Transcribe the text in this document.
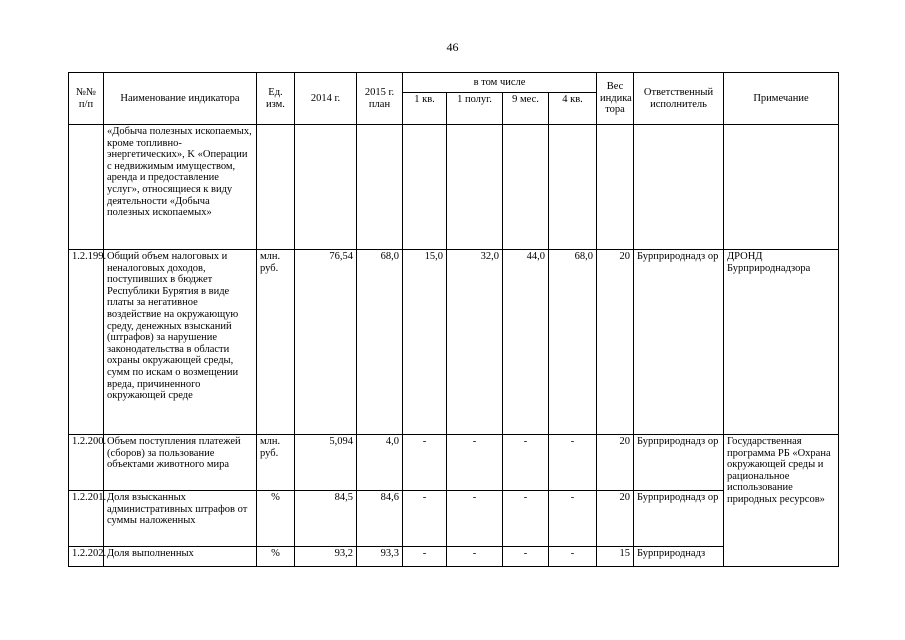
46
№№ п/п	Наименование индикатора	Ед. изм.	2014 г.	2015 г. план	в том числе				Вес индика тора	Ответственный исполнитель	Примечание
					1 кв.	1 полуг.	9 мес.	4 кв.			
	«Добыча полезных ископаемых, кроме топливно-энергетических», K «Операции с недвижимым имуществом, аренда и предоставление услуг», относящиеся к виду деятельности «Добыча полезных ископаемых»										
1.2.199.	Общий объем налоговых и неналоговых доходов, поступивших в бюджет Республики Бурятия в виде платы за негативное воздействие на окружающую среду, денежных взысканий (штрафов) за нарушение законодательства в области охраны окружающей среды, сумм по искам о возмещении вреда, причиненного окружающей среде	млн. руб.	76,54	68,0	15,0	32,0	44,0	68,0	20	Бурприроднадз ор	ДРОНД Бурприроднадзора
1.2.200.	Объем поступления платежей (сборов) за пользование объектами животного мира	млн. руб.	5,094	4,0	-	-	-	-	20	Бурприроднадз ор	Государственная программа РБ «Охрана окружающей среды и рациональное использование природных ресурсов»
1.2.201.	Доля взысканных административных штрафов от суммы наложенных	%	84,5	84,6	-	-	-	-	20	Бурприроднадз ор	
1.2.202.	Доля выполненных	%	93,2	93,3	-	-	-	-	15	Бурприроднадз	
